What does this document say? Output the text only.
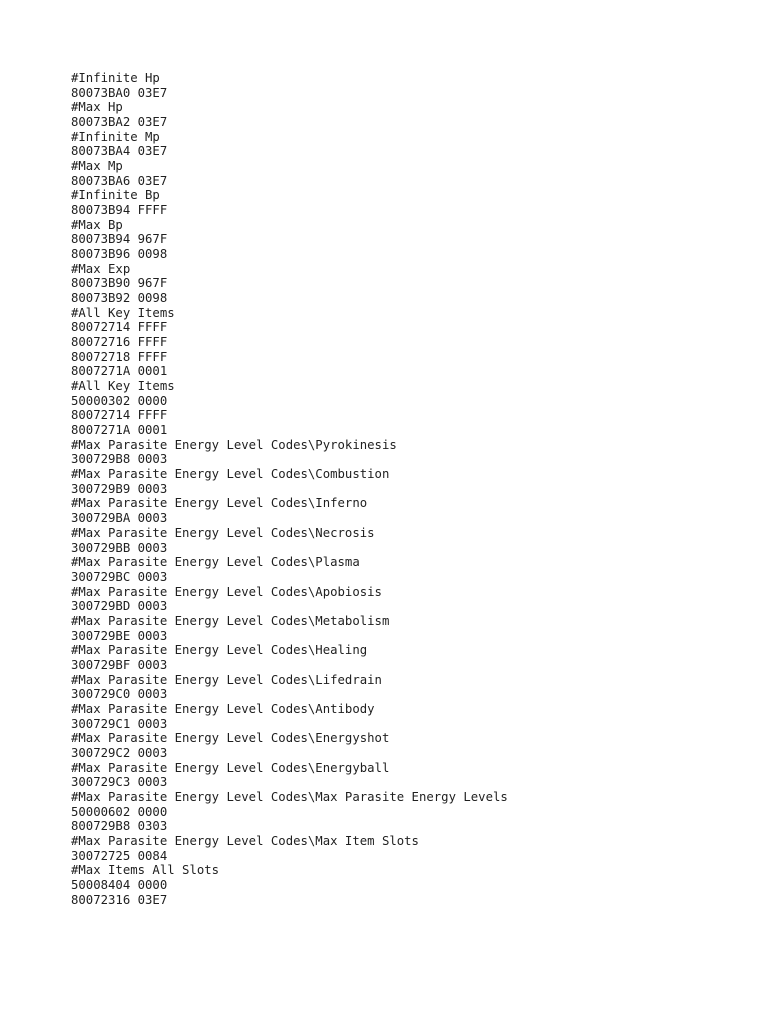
#Infinite Hp
80073BA0 03E7
#Max Hp
80073BA2 03E7
#Infinite Mp
80073BA4 03E7
#Max Mp
80073BA6 03E7
#Infinite Bp
80073B94 FFFF
#Max Bp
80073B94 967F
80073B96 0098
#Max Exp
80073B90 967F
80073B92 0098
#All Key Items
80072714 FFFF
80072716 FFFF
80072718 FFFF
8007271A 0001
#All Key Items
50000302 0000
80072714 FFFF
8007271A 0001
#Max Parasite Energy Level Codes\Pyrokinesis
300729B8 0003
#Max Parasite Energy Level Codes\Combustion
300729B9 0003
#Max Parasite Energy Level Codes\Inferno
300729BA 0003
#Max Parasite Energy Level Codes\Necrosis
300729BB 0003
#Max Parasite Energy Level Codes\Plasma
300729BC 0003
#Max Parasite Energy Level Codes\Apobiosis
300729BD 0003
#Max Parasite Energy Level Codes\Metabolism
300729BE 0003
#Max Parasite Energy Level Codes\Healing
300729BF 0003
#Max Parasite Energy Level Codes\Lifedrain
300729C0 0003
#Max Parasite Energy Level Codes\Antibody
300729C1 0003
#Max Parasite Energy Level Codes\Energyshot
300729C2 0003
#Max Parasite Energy Level Codes\Energyball
300729C3 0003
#Max Parasite Energy Level Codes\Max Parasite Energy Levels
50000602 0000
800729B8 0303
#Max Parasite Energy Level Codes\Max Item Slots
30072725 0084
#Max Items All Slots
50008404 0000
80072316 03E7
